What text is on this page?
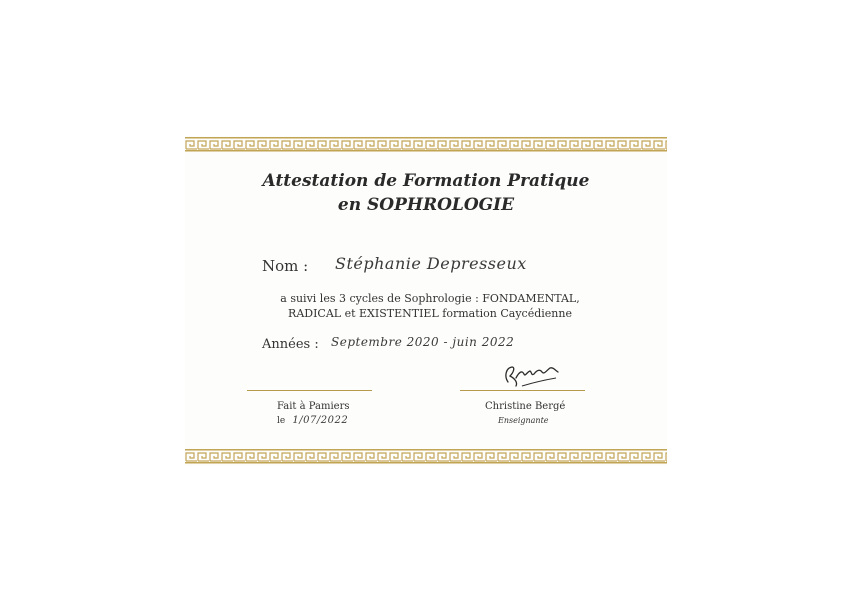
Attestation de Formation Pratique
en SOPHROLOGIE
Nom : Stéphanie Depresseux
a suivi les 3 cycles de Sophrologie : FONDAMENTAL,
RADICAL et EXISTENTIEL formation Caycédienne
Années : Septembre 2020 - juin 2022
Fait à Pamiers
le 1/07/2022
Christine Bergé
Enseignante
